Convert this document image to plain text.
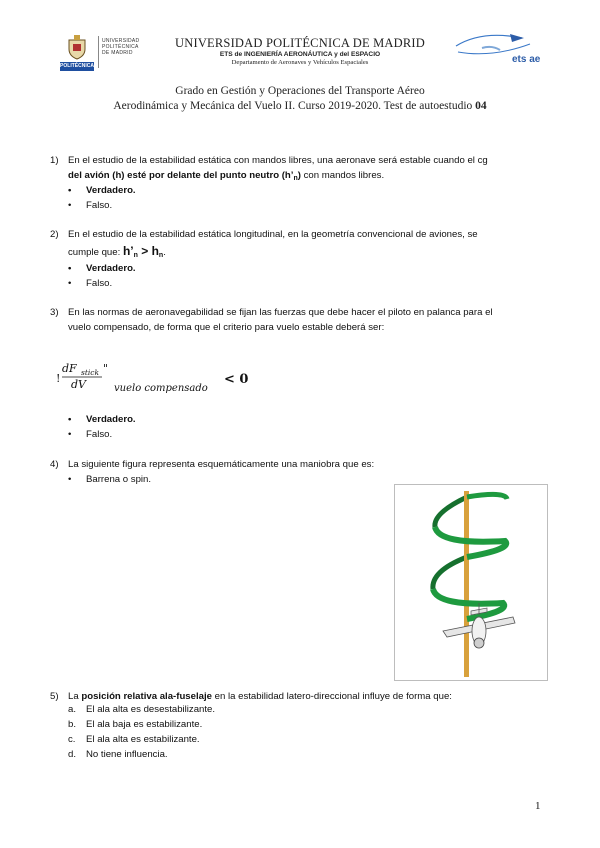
POLITÉCNICA
UNIVERSIDAD
POLITÉCNICA
DE MADRID
UNIVERSIDAD POLITÉCNICA DE MADRID
ETS de INGENIERÍA AERONÁUTICA y del ESPACIO
Departamento de Aeronaves y Vehículos Espaciales	ets ae
Grado en Gestión y Operaciones del Transporte Aéreo
Aerodinámica y Mecánica del Vuelo II. Curso 2019-2020. Test de autoestudio 04
1) En el estudio de la estabilidad estática con mandos libres, una aeronave será estable cuando el cg
del avión (h) esté por delante del punto neutro $(h’_n)$ con mandos libres.
• Verdadero.
• Falso.
2) En el estudio de la estabilidad estática longitudinal, en la geometría convencional de aviones, se
cumple que: $h’_n > h_n$.
• Verdadero.
• Falso.
3) En las normas de aeronavegabilidad se fijan las fuerzas que debe hacer el piloto en palanca para el
vuelo compensado, de forma que el criterio para vuelo estable deberá ser:
!
dF stick "
dV	vuelo compensado
< 0
• Verdadero.
• Falso.
4) La siguiente figura representa esquemáticamente una maniobra que es:
• Barrena o spin.
5) La posición relativa ala-fuselaje en la estabilidad latero-direccional influye de forma que:
a. El ala alta es desestabilizante.
b. El ala baja es estabilizante.
c. El ala alta es estabilizante.
d. No tiene influencia.
1
